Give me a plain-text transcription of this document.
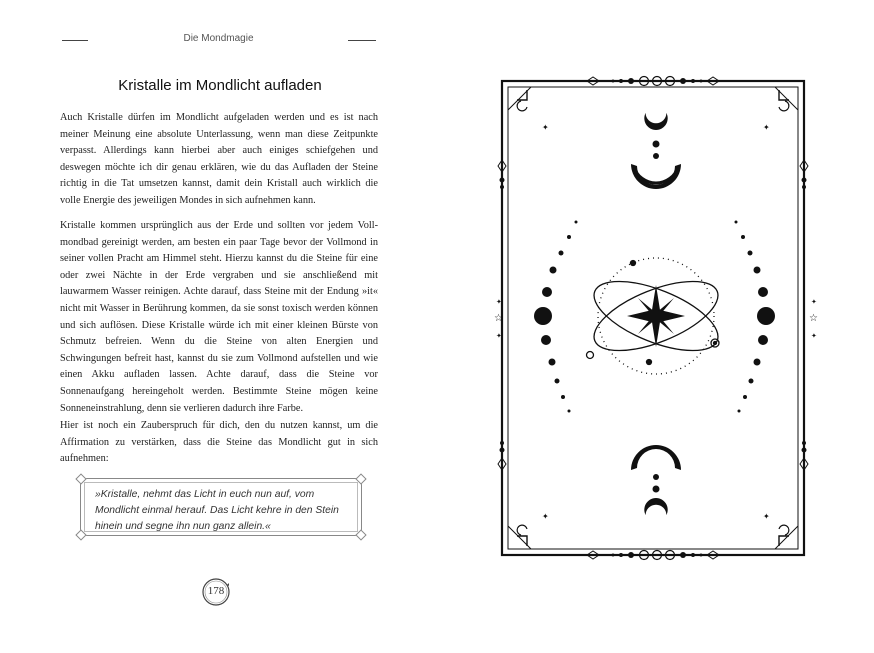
Die Mondmagie
Kristalle im Mondlicht aufladen

Auch Kristalle dürfen im Mondlicht aufgeladen werden und es ist nach meiner Meinung eine absolute Unterlassung, wenn man diese Zeitpunkte verpasst. Allerdings kann hierbei aber auch einiges schiefgehen und deswegen möchte ich dir genau erklären, wie du das Aufladen der Steine richtig in die Tat umsetzen kannst, damit dein Kristall auch wirklich die volle Energie des jeweiligen Mondes in sich aufnehmen kann.

Kristalle kommen ursprünglich aus der Erde und sollten vor jedem Vollmondbad gereinigt werden, am besten ein paar Tage bevor der Vollmond in seiner vollen Pracht am Himmel steht. Hierzu kannst du die Steine für eine oder zwei Nächte in der Erde vergraben und sie anschließend mit lauwarmem Wasser reinigen. Achte darauf, dass Steine mit der Endung »it« nicht mit Wasser in Berührung kommen, da sie sonst toxisch werden können und sich auflösen. Diese Kristalle würde ich mit einer kleinen Bürste von Schmutz befreien. Wenn du die Steine von alten Energien und Schwingungen befreit hast, kannst du sie zum Vollmond aufstellen und wie einen Akku aufladen lassen. Achte darauf, dass die Steine vor Sonnenaufgang hereingeholt werden. Bestimmte Steine mögen keine Sonneneinstrahlung, denn sie verlieren dadurch ihre Farbe.

Hier ist noch ein Zauberspruch für dich, den du nutzen kannst, um die Affirmation zu verstärken, dass die Steine das Mondlicht gut in sich aufnehmen:

»Kristalle, nehmt das Licht in euch nun auf, vom Mondlicht einmal herauf. Das Licht kehre in den Stein hinein und segne ihn nun ganz allein.«

178
☆	☆
✦	✦
✦	✦
✦	✦
✦	✦
